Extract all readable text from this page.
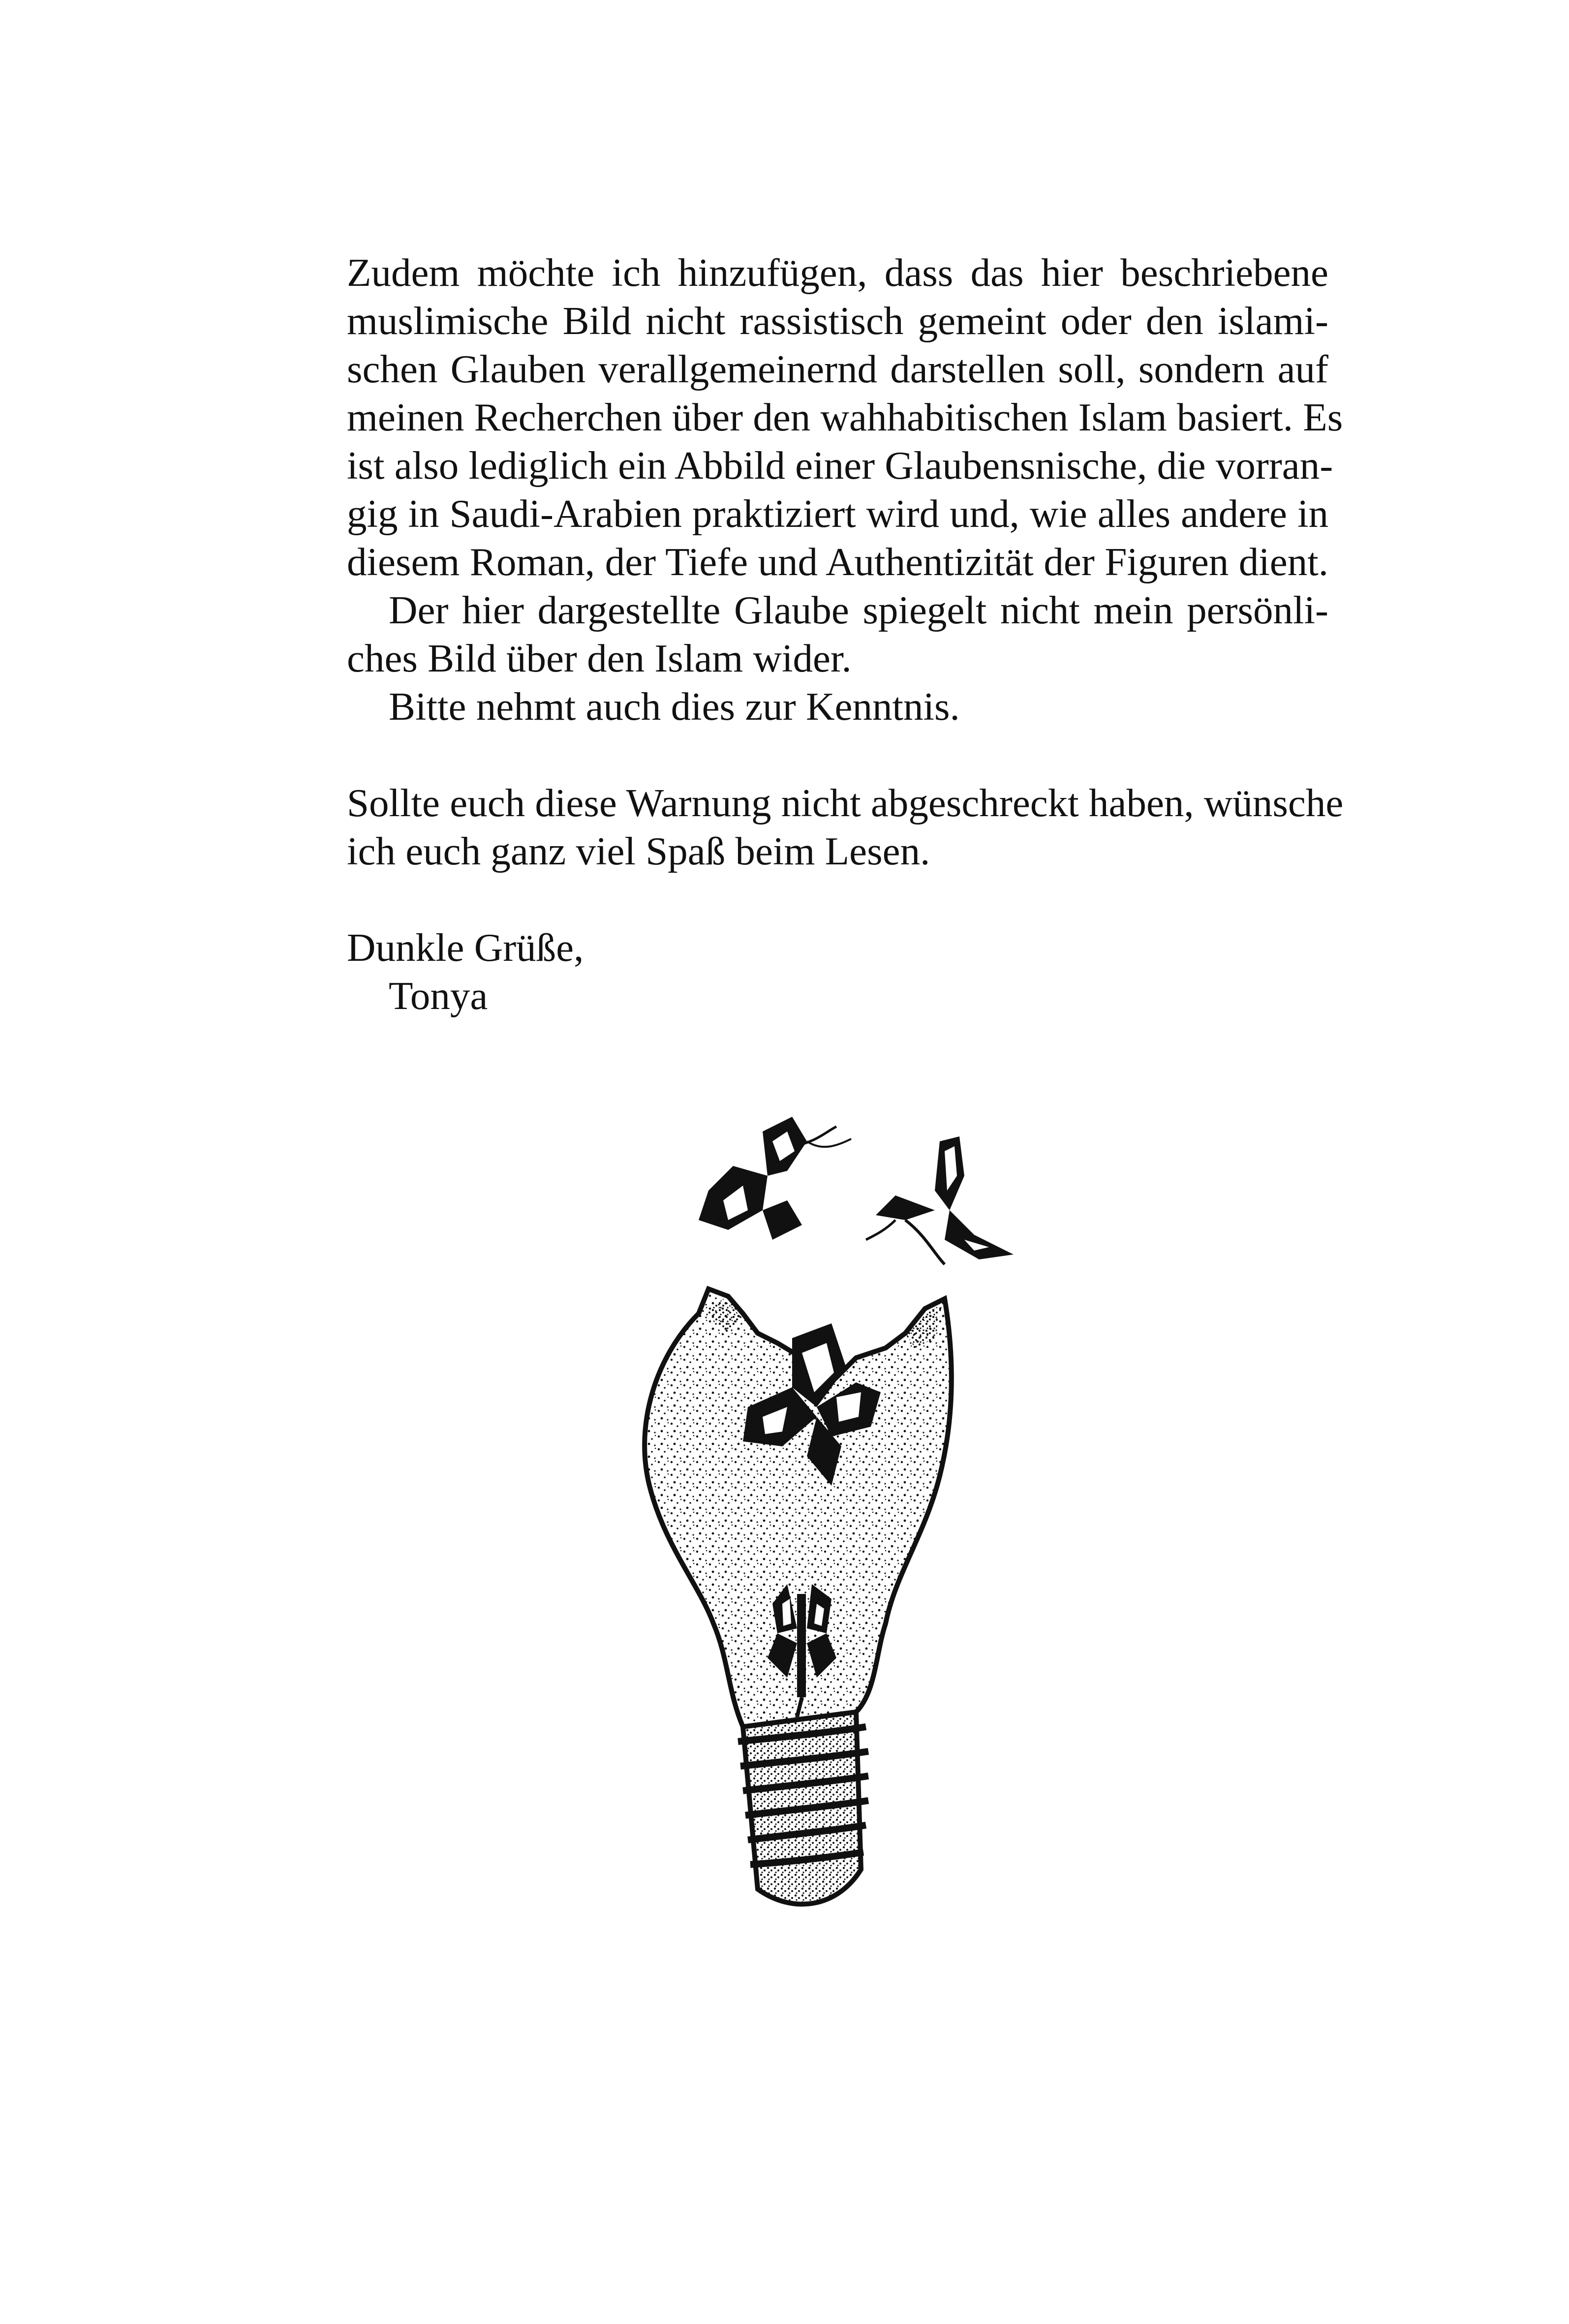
Zudem möchte ich hinzufügen, dass das hier beschriebene
muslimische Bild nicht rassistisch gemeint oder den islami-
schen Glauben verallgemeinernd darstellen soll, sondern auf
meinen Recherchen über den wahhabitischen Islam basiert. Es
ist also lediglich ein Abbild einer Glaubensnische, die vorran-
gig in Saudi-Arabien praktiziert wird und, wie alles andere in
diesem Roman, der Tiefe und Authentizität der Figuren dient.
Der hier dargestellte Glaube spiegelt nicht mein persönli-
ches Bild über den Islam wider.
Bitte nehmt auch dies zur Kenntnis.
Sollte euch diese Warnung nicht abgeschreckt haben, wünsche
ich euch ganz viel Spaß beim Lesen.
Dunkle Grüße,
Tonya
